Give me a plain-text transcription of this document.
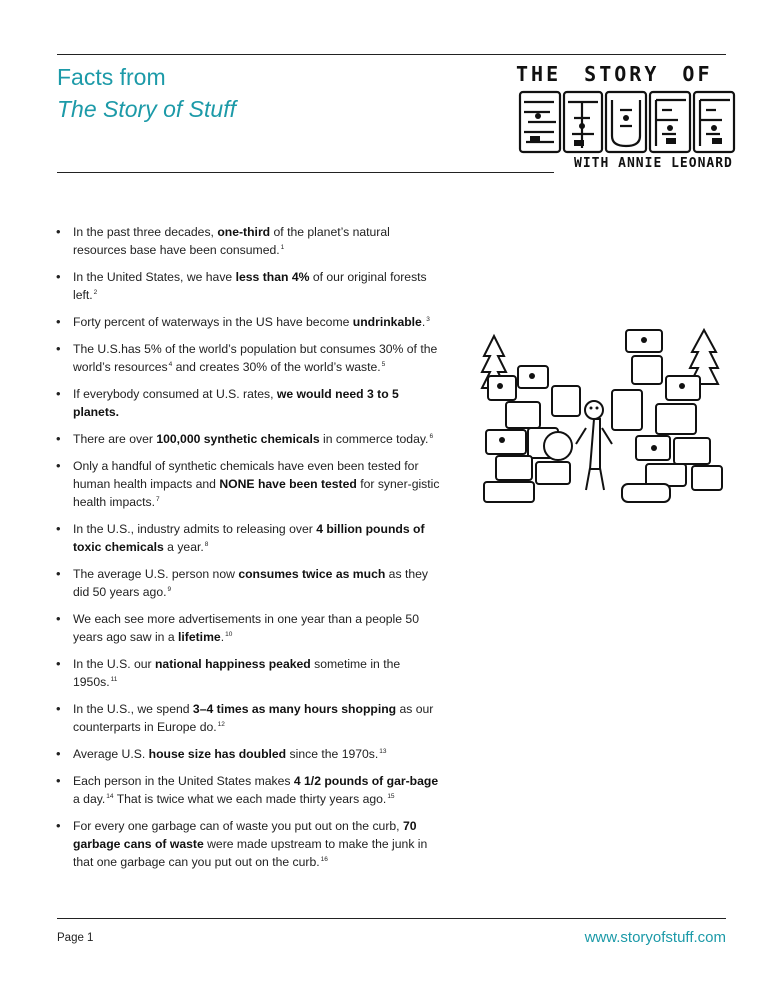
Facts from
The Story of Stuff
THE STORY OF
WITH ANNIE LEONARD
• In the past three decades, one-third of the planet’s natural resources base have been consumed.$^1$
• In the United States, we have less than 4% of our original forests left.$^2$
• Forty percent of waterways in the US have become undrinkable.$^3$
• The U.S.has 5% of the world’s population but consumes 30% of the world’s resources$^4$ and creates 30% of the world’s waste.$^5$
• If everybody consumed at U.S. rates, we would need 3 to 5 planets.
• There are over 100,000 synthetic chemicals in commerce today.$^6$
• Only a handful of synthetic chemicals have even been tested for human health impacts and NONE have been tested for syner-gistic health impacts.$^7$
• In the U.S., industry admits to releasing over 4 billion pounds of toxic chemicals a year.$^8$
• The average U.S. person now consumes twice as much as they did 50 years ago.$^9$
• We each see more advertisements in one year than a people 50 years ago saw in a lifetime.$^{10}$
• In the U.S. our national happiness peaked sometime in the 1950s.$^{11}$
• In the U.S., we spend 3–4 times as many hours shopping as our counterparts in Europe do.$^{12}$
• Average U.S. house size has doubled since the 1970s.$^{13}$
• Each person in the United States makes 4 1/2 pounds of gar-bage a day.$^{14}$ That is twice what we each made thirty years ago.$^{15}$
• For every one garbage can of waste you put out on the curb, 70 garbage cans of waste were made upstream to make the junk in that one garbage can you put out on the curb.$^{16}$
Page 1	www.storyofstuff.com
